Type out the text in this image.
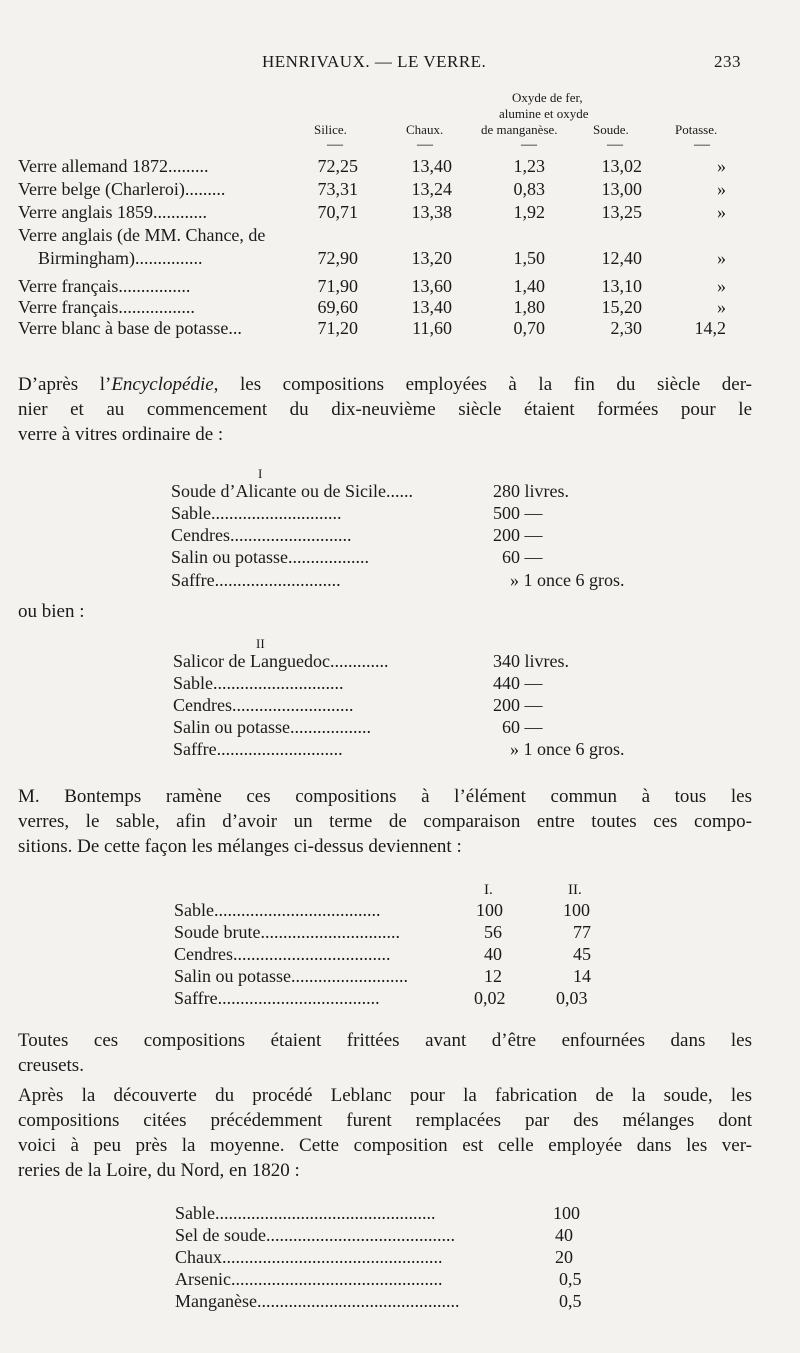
HENRIVAUX. — LE VERRE.	233
Silice.	Chaux.
Oxyde de fer,
alumine et oxyde
de manganèse.	Soude.	Potasse.
—	—	—	—	—
Verre allemand 1872.........	72,25	13,40	1,23	13,02	»
Verre belge (Charleroi).........	73,31	13,24	0,83	13,00	»
Verre anglais 1859............	70,71	13,38	1,92	13,25	»
Verre anglais (de MM. Chance, de
Birmingham)...............	72,90	13,20	1,50	12,40	»
Verre français................	71,90	13,60	1,40	13,10	»
Verre français.................	69,60	13,40	1,80	15,20	»
Verre blanc à base de potasse...	71,20	11,60	0,70	2,30	14,2
D’après l’Encyclopédie, les compositions employées à la fin du siècle der-
nier et au commencement du dix-neuvième siècle étaient formées pour le
verre à vitres ordinaire de :
I
Soude d’Alicante ou de Sicile......	280 livres.
Sable.............................	500 —
Cendres...........................	200 —
Salin ou potasse..................	60 —
Saffre............................	» 1 once 6 gros.
ou bien :
II
Salicor de Languedoc.............	340 livres.
Sable.............................	440 —
Cendres...........................	200 —
Salin ou potasse..................	60 —
Saffre............................	» 1 once 6 gros.
M. Bontemps ramène ces compositions à l’élément commun à tous les
verres, le sable, afin d’avoir un terme de comparaison entre toutes ces compo-
sitions. De cette façon les mélanges ci-dessus deviennent :
I.	II.
Sable.....................................	100	100
Soude brute...............................	56	77
Cendres...................................	40	45
Salin ou potasse..........................	12	14
Saffre....................................	0,02	0,03
Toutes ces compositions étaient frittées avant d’être enfournées dans les
creusets.
Après la découverte du procédé Leblanc pour la fabrication de la soude, les
compositions citées précédemment furent remplacées par des mélanges dont
voici à peu près la moyenne. Cette composition est celle employée dans les ver-
reries de la Loire, du Nord, en 1820 :
Sable.................................................	100
Sel de soude..........................................	40
Chaux.................................................	20
Arsenic...............................................	0,5
Manganèse.............................................	0,5
